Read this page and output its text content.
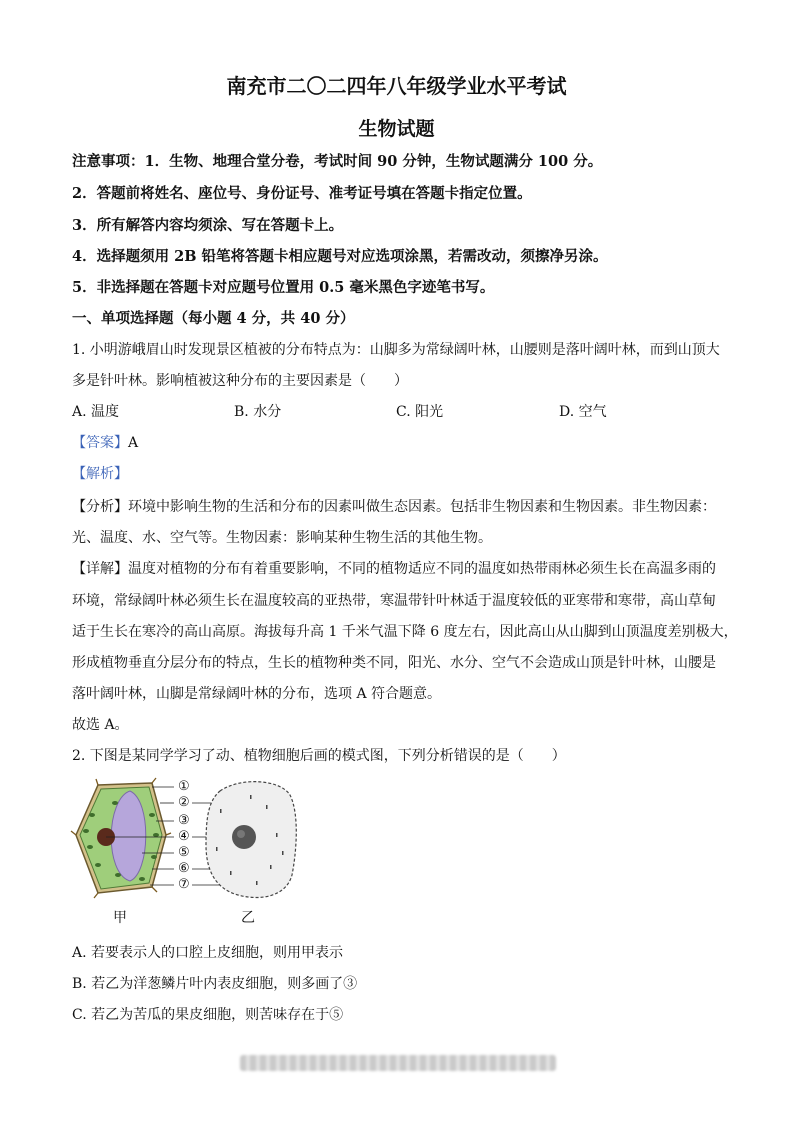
南充市二〇二四年八年级学业水平考试
生物试题
注意事项：1．生物、地理合堂分卷，考试时间 90 分钟，生物试题满分 100 分。
2．答题前将姓名、座位号、身份证号、准考证号填在答题卡指定位置。
3．所有解答内容均须涂、写在答题卡上。
4．选择题须用 2B 铅笔将答题卡相应题号对应选项涂黑，若需改动，须擦净另涂。
5．非选择题在答题卡对应题号位置用 0.5 毫米黑色字迹笔书写。
一、单项选择题（每小题 4 分，共 40 分）
1. 小明游峨眉山时发现景区植被的分布特点为：山脚多为常绿阔叶林，山腰则是落叶阔叶林，而到山顶大
多是针叶林。影响植被这种分布的主要因素是（　　）
A. 温度	B. 水分	C. 阳光	D. 空气
【答案】A
【解析】
【分析】环境中影响生物的生活和分布的因素叫做生态因素。包括非生物因素和生物因素。非生物因素：
光、温度、水、空气等。生物因素：影响某种生物生活的其他生物。
【详解】温度对植物的分布有着重要影响，不同的植物适应不同的温度如热带雨林必须生长在高温多雨的
环境，常绿阔叶林必须生长在温度较高的亚热带，寒温带针叶林适于温度较低的亚寒带和寒带，高山草甸
适于生长在寒冷的高山高原。海拔每升高 1 千米气温下降 6 度左右，因此高山从山脚到山顶温度差别极大，
形成植物垂直分层分布的特点，生长的植物种类不同，阳光、水分、空气不会造成山顶是针叶林，山腰是
落叶阔叶林，山脚是常绿阔叶林的分布，选项 A 符合题意。
故选 A。
2. 下图是某同学学习了动、植物细胞后画的模式图，下列分析错误的是（　　）
①
②
③
④
⑤
⑥
⑦
甲	乙
A. 若要表示人的口腔上皮细胞，则用甲表示
B. 若乙为洋葱鳞片叶内表皮细胞，则多画了③
C. 若乙为苦瓜的果皮细胞，则苦味存在于⑤
